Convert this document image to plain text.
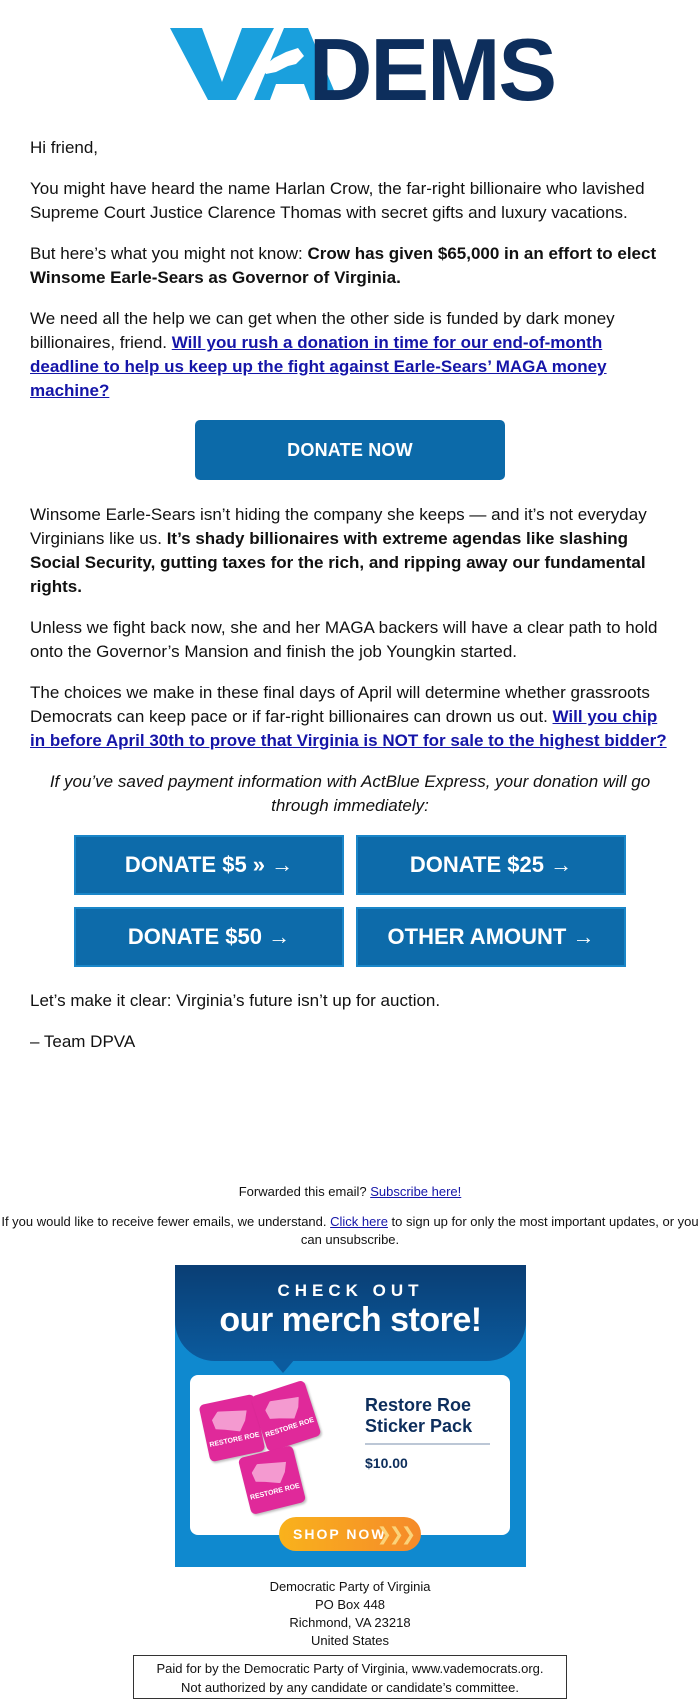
DEMS

Hi friend,

You might have heard the name Harlan Crow, the far-right billionaire who lavished Supreme Court Justice Clarence Thomas with secret gifts and luxury vacations.

But here’s what you might not know: Crow has given $65,000 in an effort to elect Winsome Earle-Sears as Governor of Virginia.

We need all the help we can get when the other side is funded by dark money billionaires, friend. Will you rush a donation in time for our end-of-month deadline to help us keep up the fight against Earle-Sears’ MAGA money machine?

DONATE NOW

Winsome Earle-Sears isn’t hiding the company she keeps — and it’s not everyday Virginians like us. It’s shady billionaires with extreme agendas like slashing Social Security, gutting taxes for the rich, and ripping away our fundamental rights.

Unless we fight back now, she and her MAGA backers will have a clear path to hold onto the Governor’s Mansion and finish the job Youngkin started.

The choices we make in these final days of April will determine whether grassroots Democrats can keep pace or if far-right billionaires can drown us out. Will you chip in before April 30th to prove that Virginia is NOT for sale to the highest bidder?

If you’ve saved payment information with ActBlue Express, your donation will go through immediately:

DONATE $5 » →	DONATE $25 →
DONATE $50 →	OTHER AMOUNT →

Let’s make it clear: Virginia’s future isn’t up for auction.

– Team DPVA

Forwarded this email? Subscribe here!

If you would like to receive fewer emails, we understand. Click here to sign up for only the most important updates, or you can unsubscribe.

CHECK OUT
our merch store!
RESTORE ROE
RESTORE ROE
RESTORE ROE
Restore Roe Sticker Pack
$10.00
SHOP NOW
❯❯❯
Democratic Party of Virginia
PO Box 448
Richmond, VA 23218
United States
Paid for by the Democratic Party of Virginia, www.vademocrats.org.
Not authorized by any candidate or candidate’s committee.
